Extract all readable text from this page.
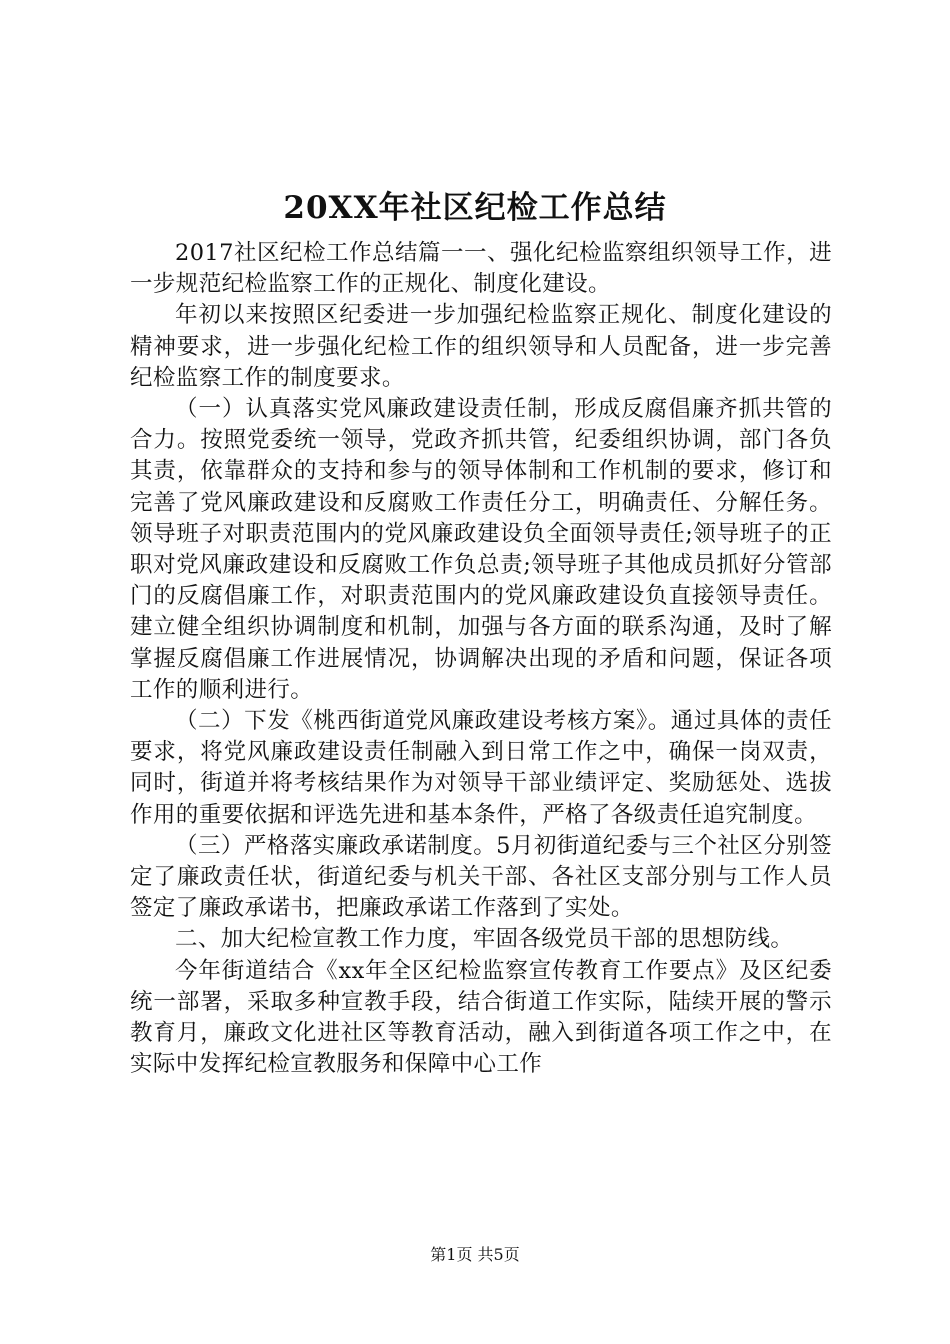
20XX年社区纪检工作总结

2017社区纪检工作总结篇一一、强化纪检监察组织领导工作，进一步规范纪检监察工作的正规化、制度化建设。

年初以来按照区纪委进一步加强纪检监察正规化、制度化建设的精神要求，进一步强化纪检工作的组织领导和人员配备，进一步完善纪检监察工作的制度要求。

（一）认真落实党风廉政建设责任制，形成反腐倡廉齐抓共管的合力。按照党委统一领导，党政齐抓共管，纪委组织协调，部门各负其责，依靠群众的支持和参与的领导体制和工作机制的要求，修订和完善了党风廉政建设和反腐败工作责任分工，明确责任、分解任务。领导班子对职责范围内的党风廉政建设负全面领导责任;领导班子的正职对党风廉政建设和反腐败工作负总责;领导班子其他成员抓好分管部门的反腐倡廉工作，对职责范围内的党风廉政建设负直接领导责任。建立健全组织协调制度和机制，加强与各方面的联系沟通，及时了解掌握反腐倡廉工作进展情况，协调解决出现的矛盾和问题，保证各项工作的顺利进行。

（二）下发《桃西街道党风廉政建设考核方案》。通过具体的责任要求，将党风廉政建设责任制融入到日常工作之中，确保一岗双责，同时，街道并将考核结果作为对领导干部业绩评定、奖励惩处、选拔作用的重要依据和评选先进和基本条件，严格了各级责任追究制度。

（三）严格落实廉政承诺制度。5月初街道纪委与三个社区分别签定了廉政责任状，街道纪委与机关干部、各社区支部分别与工作人员签定了廉政承诺书，把廉政承诺工作落到了实处。

二、加大纪检宣教工作力度，牢固各级党员干部的思想防线。

今年街道结合《xx年全区纪检监察宣传教育工作要点》及区纪委统一部署，采取多种宣教手段，结合街道工作实际，陆续开展的警示教育月，廉政文化进社区等教育活动，融入到街道各项工作之中，在实际中发挥纪检宣教服务和保障中心工作

第1页 共5页
